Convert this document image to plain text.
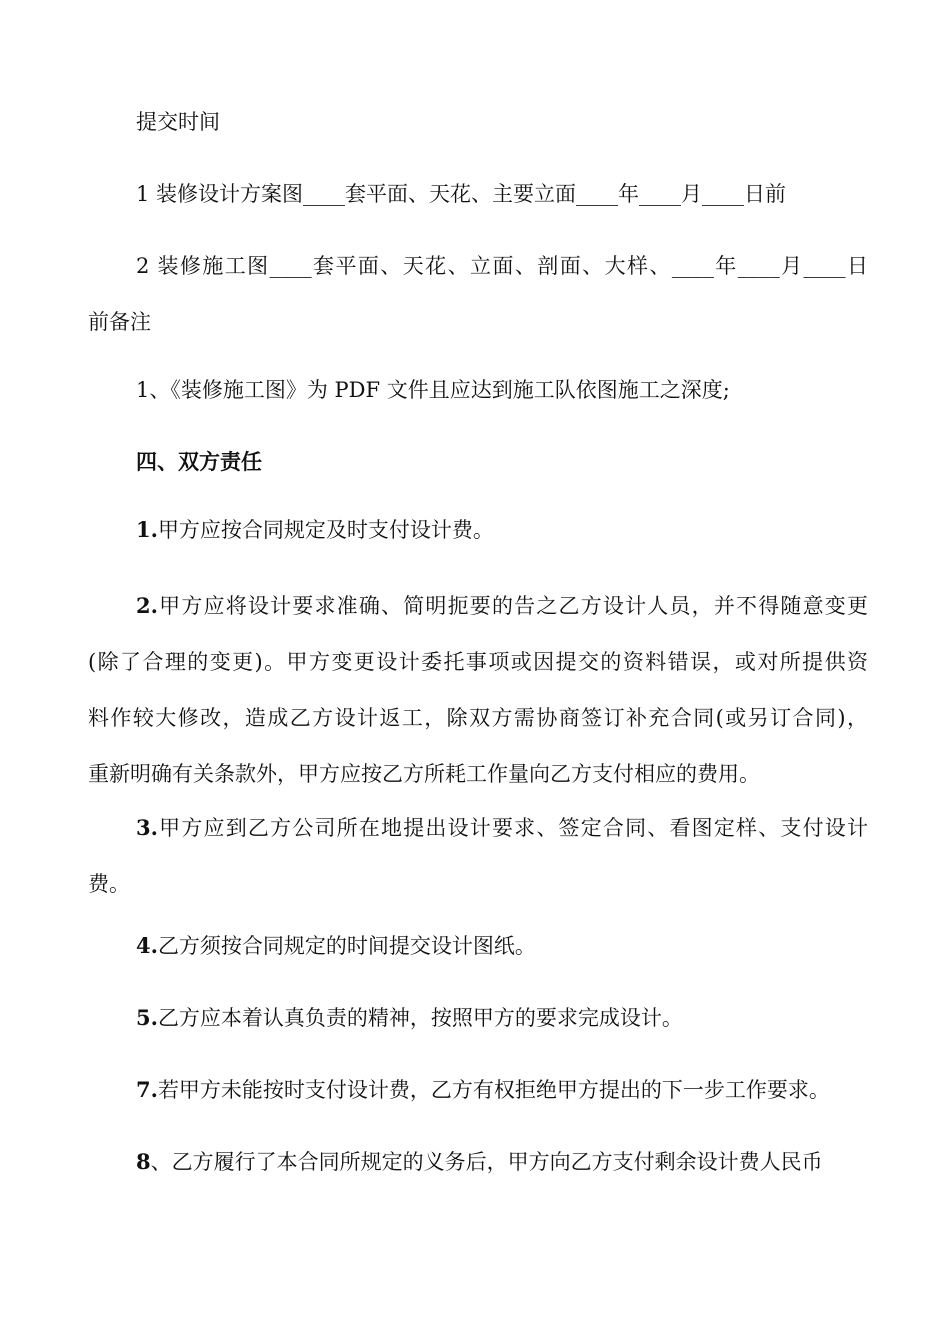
提交时间
1 装修设计方案图____套平面、天花、主要立面____年____月____日前
2 装修施工图____套平面、天花、立面、剖面、大样、____年____月____日
前备注
1、《装修施工图》为 PDF 文件且应达到施工队依图施工之深度;
四、双方责任
1.甲方应按合同规定及时支付设计费。
2.甲方应将设计要求准确、简明扼要的告之乙方设计人员，并不得随意变更
(除了合理的变更)。甲方变更设计委托事项或因提交的资料错误，或对所提供资
料作较大修改，造成乙方设计返工，除双方需协商签订补充合同(或另订合同)，
重新明确有关条款外，甲方应按乙方所耗工作量向乙方支付相应的费用。
3.甲方应到乙方公司所在地提出设计要求、签定合同、看图定样、支付设计
费。
4.乙方须按合同规定的时间提交设计图纸。
5.乙方应本着认真负责的精神，按照甲方的要求完成设计。
7.若甲方未能按时支付设计费，乙方有权拒绝甲方提出的下一步工作要求。
8、乙方履行了本合同所规定的义务后，甲方向乙方支付剩余设计费人民币
